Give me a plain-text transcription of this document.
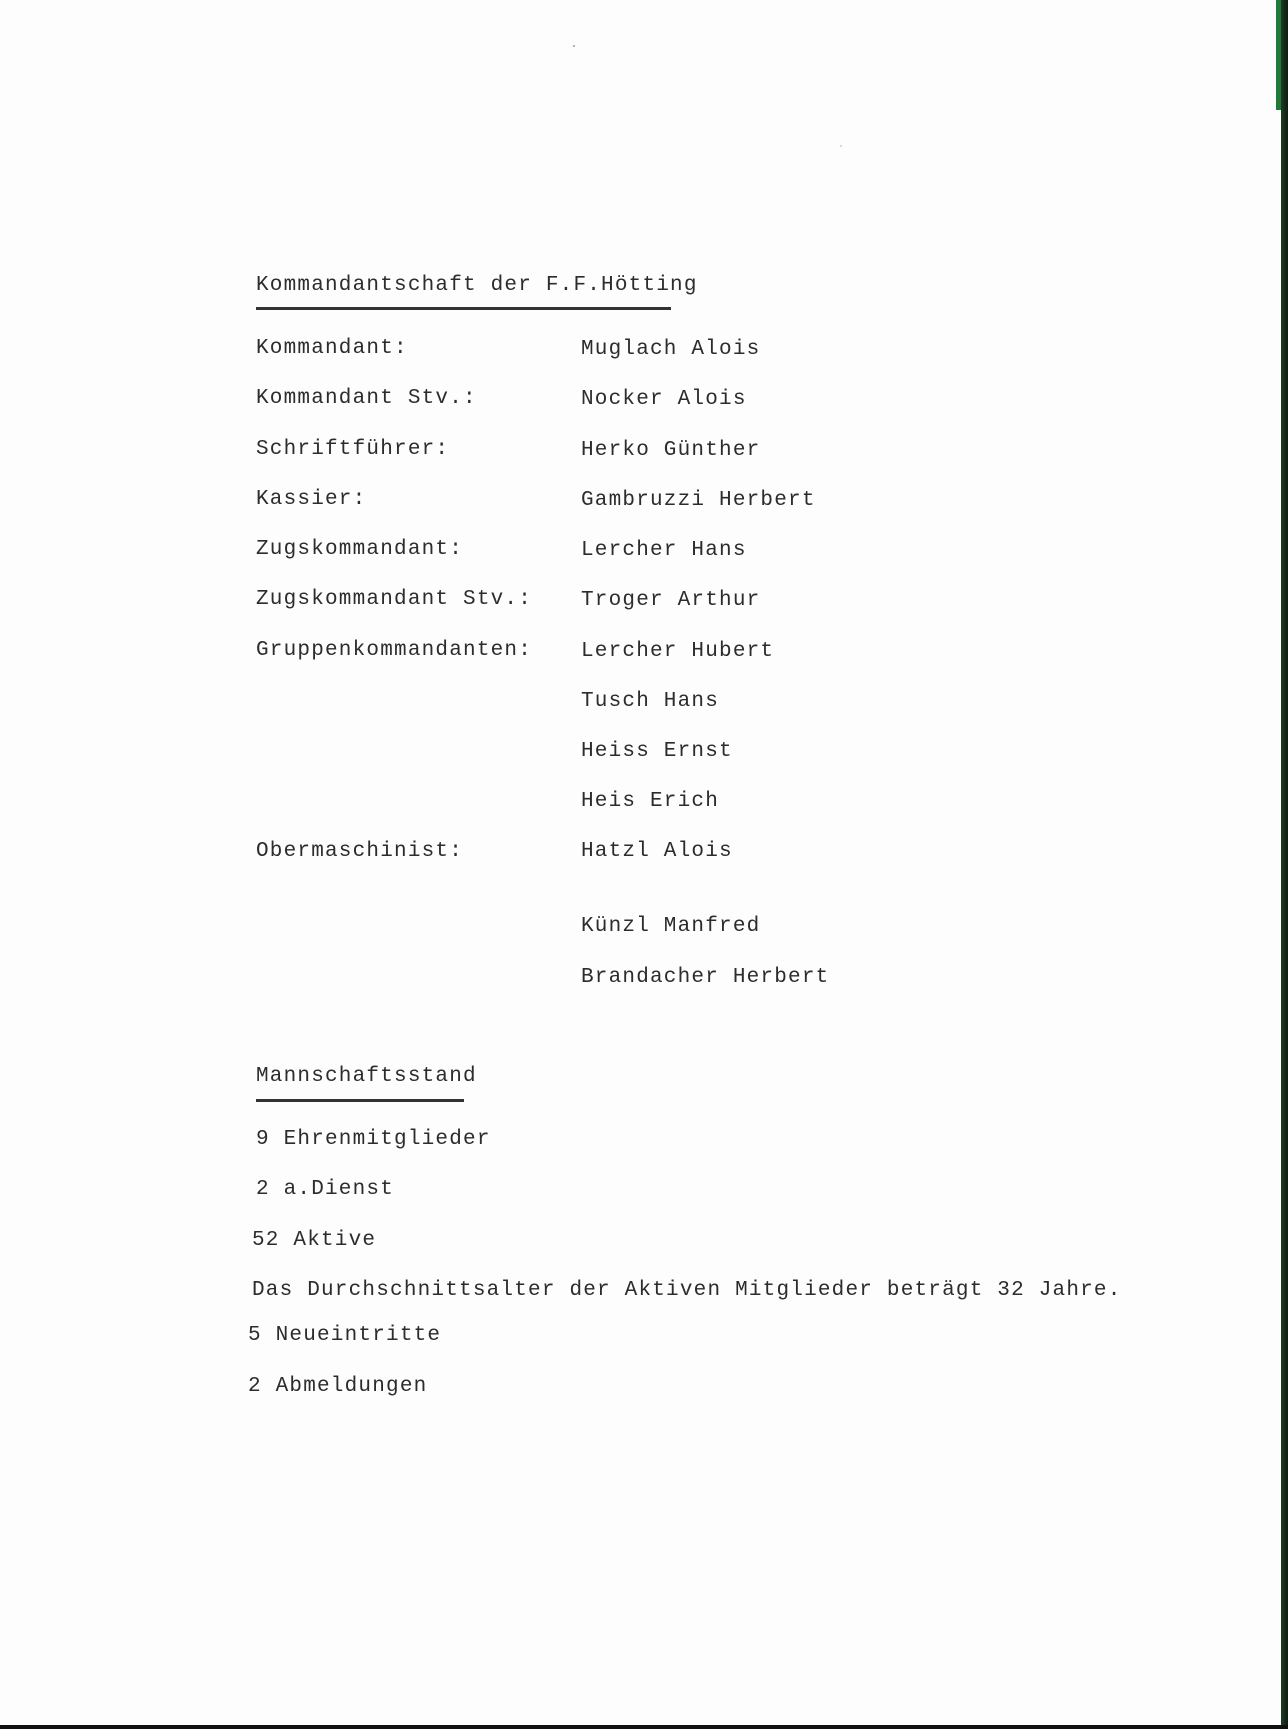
Kommandantschaft der F.F.Hötting
Kommandant:	Muglach Alois
Kommandant Stv.:	Nocker Alois
Schriftführer:	Herko Günther
Kassier:	Gambruzzi Herbert
Zugskommandant:	Lercher Hans
Zugskommandant Stv.: Troger Arthur
Gruppenkommandanten: Lercher Hubert
Tusch Hans
Heiss Ernst
Heis Erich
Obermaschinist:	Hatzl Alois
Künzl Manfred
Brandacher Herbert
Mannschaftsstand
9 Ehrenmitglieder
2 a.Dienst
52 Aktive
Das Durchschnittsalter der Aktiven Mitglieder beträgt 32 Jahre.
5 Neueintritte
2 Abmeldungen
